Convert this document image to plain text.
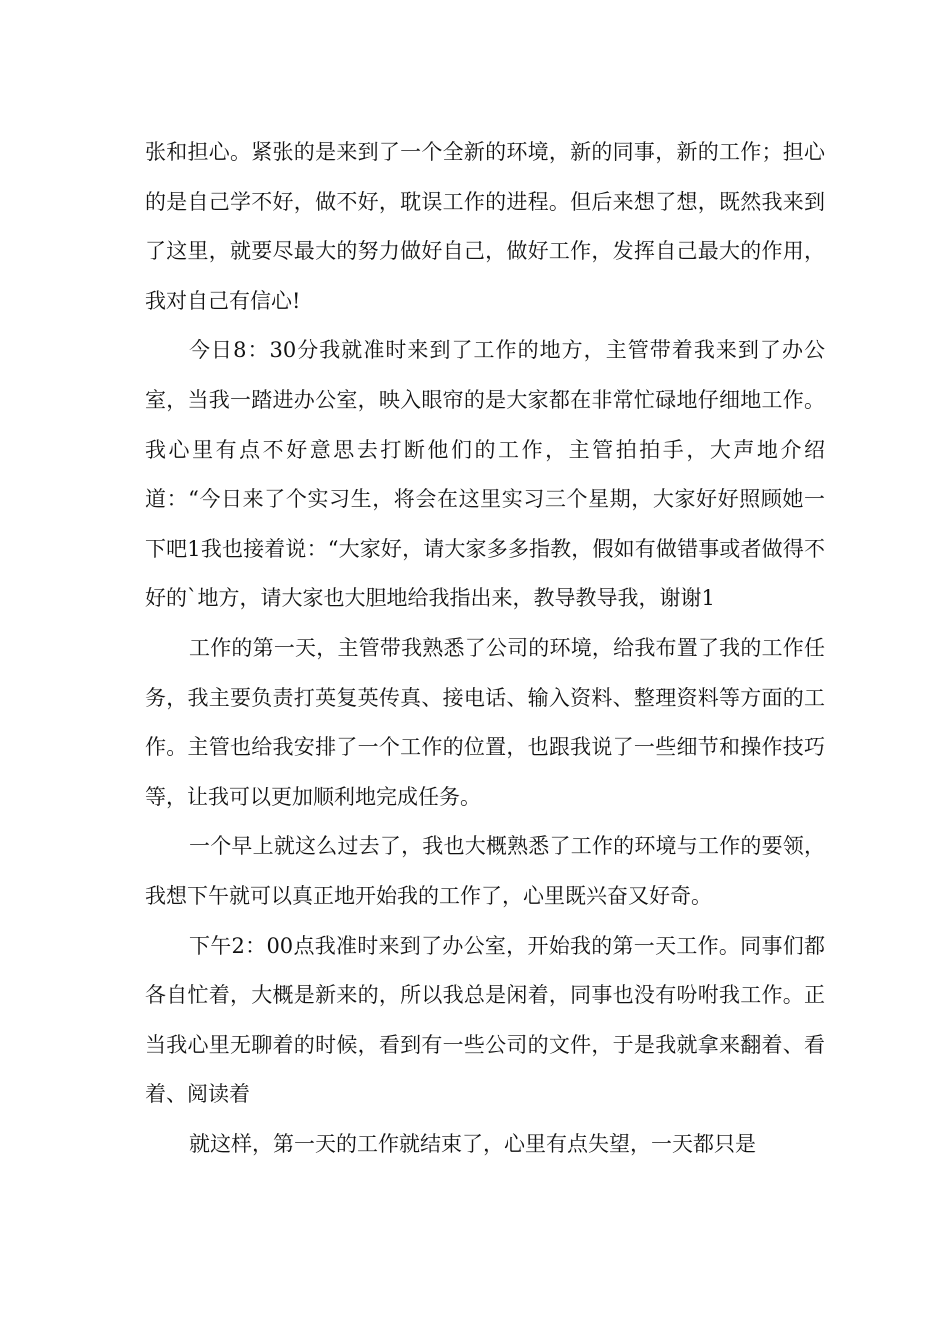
张和担心。紧张的是来到了一个全新的环境，新的同事，新的工作；担心的是自己学不好，做不好，耽误工作的进程。但后来想了想，既然我来到了这里，就要尽最大的努力做好自己，做好工作，发挥自己最大的作用，我对自己有信心!

今日8：30分我就准时来到了工作的地方，主管带着我来到了办公室，当我一踏进办公室，映入眼帘的是大家都在非常忙碌地仔细地工作。我心里有点不好意思去打断他们的工作，主管拍拍手，大声地介绍道：“今日来了个实习生，将会在这里实习三个星期，大家好好照顾她一下吧1我也接着说：“大家好，请大家多多指教，假如有做错事或者做得不好的`地方，请大家也大胆地给我指出来，教导教导我，谢谢1

工作的第一天，主管带我熟悉了公司的环境，给我布置了我的工作任务，我主要负责打英复英传真、接电话、输入资料、整理资料等方面的工作。主管也给我安排了一个工作的位置，也跟我说了一些细节和操作技巧等，让我可以更加顺利地完成任务。

一个早上就这么过去了，我也大概熟悉了工作的环境与工作的要领，我想下午就可以真正地开始我的工作了，心里既兴奋又好奇。

下午2：00点我准时来到了办公室，开始我的第一天工作。同事们都各自忙着，大概是新来的，所以我总是闲着，同事也没有吩咐我工作。正当我心里无聊着的时候，看到有一些公司的文件，于是我就拿来翻着、看着、阅读着

就这样，第一天的工作就结束了，心里有点失望，一天都只是
